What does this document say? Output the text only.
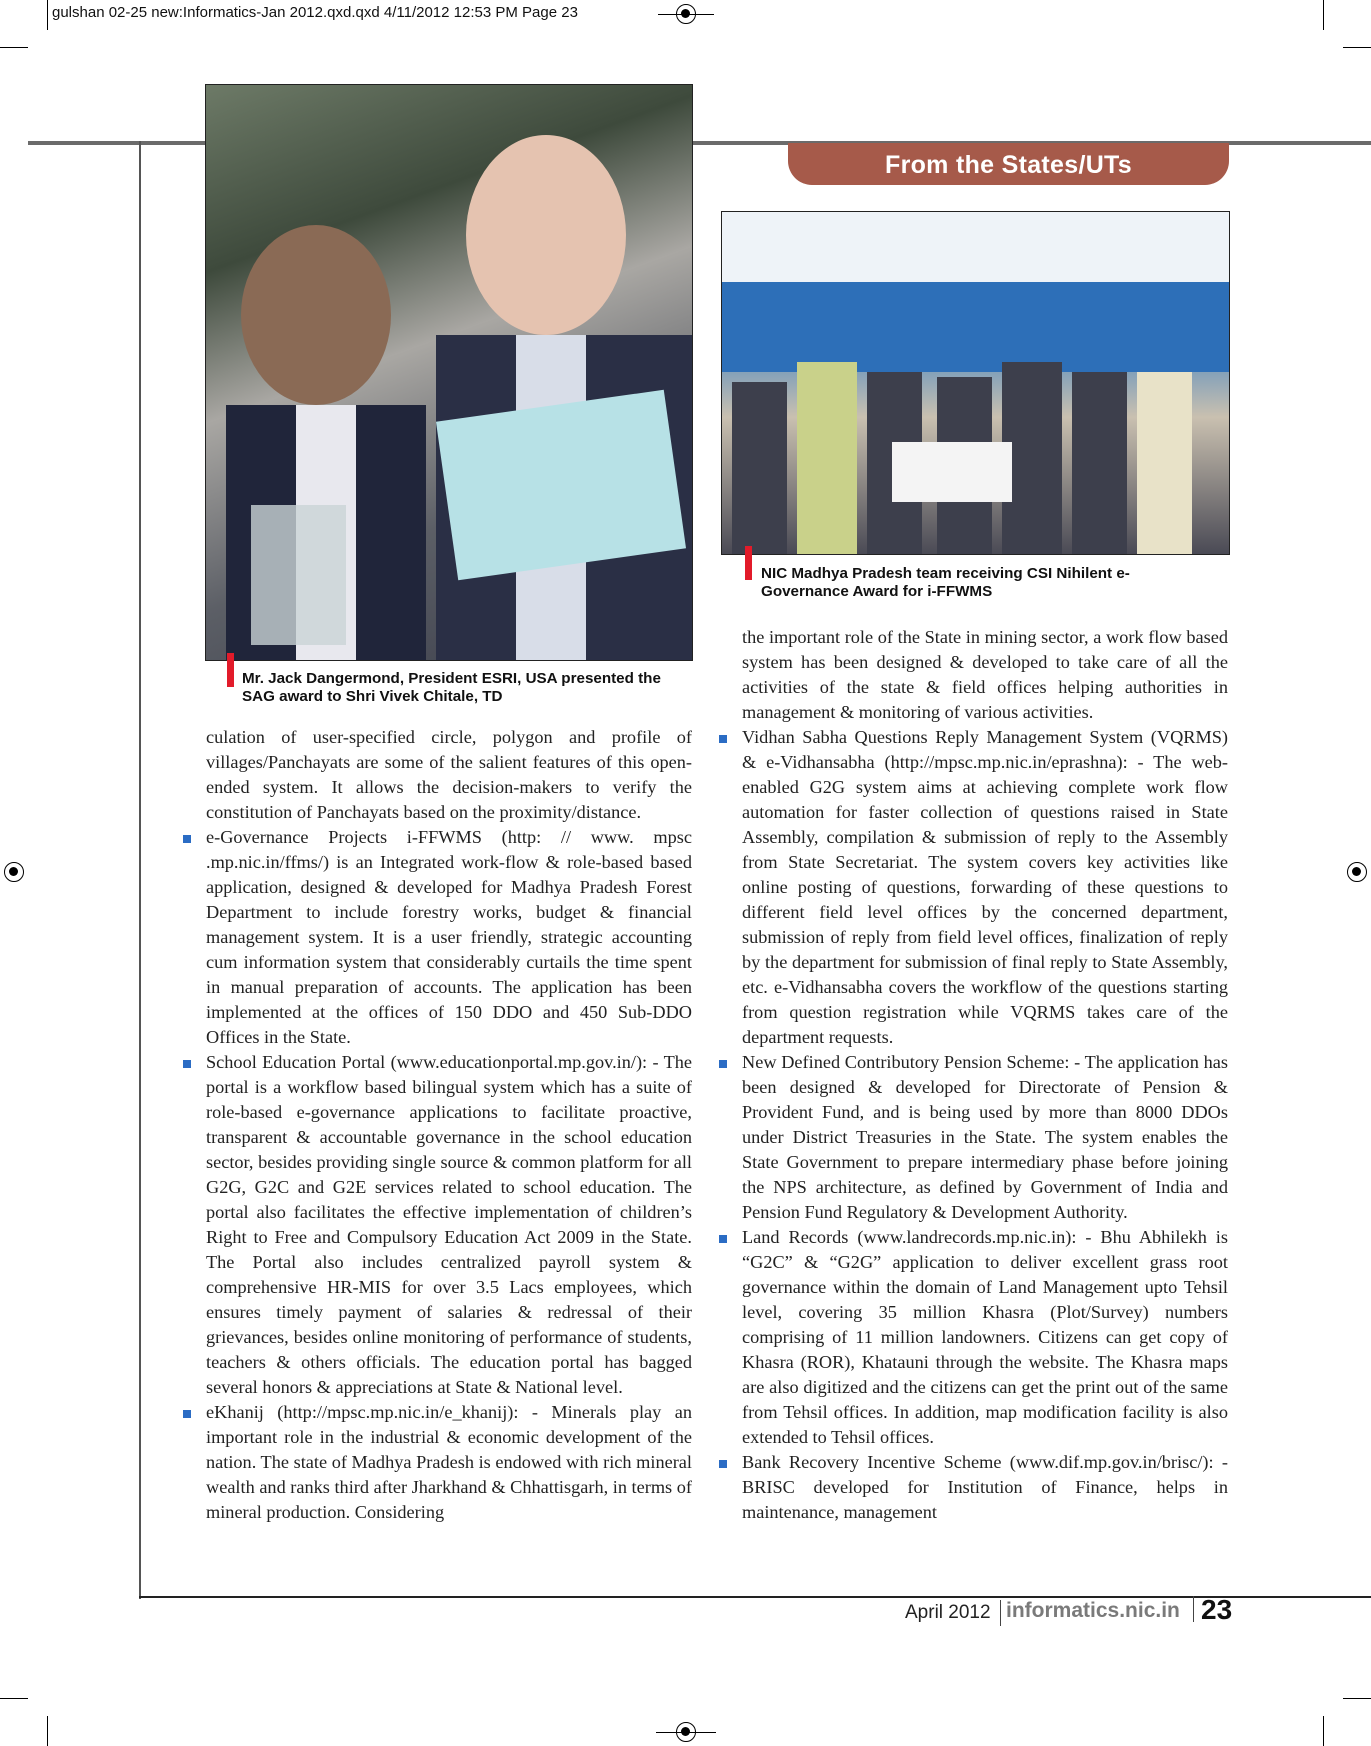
gulshan 02-25 new:Informatics-Jan 2012.qxd.qxd 4/11/2012 12:53 PM Page 23
From the States/UTs
Mr. Jack Dangermond, President ESRI, USA presented the SAG award to Shri Vivek Chitale, TD
NIC Madhya Pradesh team receiving CSI Nihilent e-Governance Award for i-FFWMS

culation of user-specified circle, polygon and profile of villages/Panchayats are some of the salient features of this open-ended system. It allows the decision-makers to verify the constitution of Panchayats based on the proximity/distance.

e-Governance Projects i-FFWMS (http: // www. mpsc .mp.nic.in/ffms/) is an Integrated work-flow & role-based based application, designed & developed for Madhya Pradesh Forest Department to include forestry works, budget & financial management system. It is a user friendly, strategic accounting cum information system that considerably curtails the time spent in manual preparation of accounts. The application has been implemented at the offices of 150 DDO and 450 Sub-DDO Offices in the State.

School Education Portal (www.educationportal.mp.gov.in/): - The portal is a workflow based bilingual system which has a suite of role-based e-governance applications to facilitate proactive, transparent & accountable governance in the school education sector, besides providing single source & common platform for all G2G, G2C and G2E services related to school education. The portal also facilitates the effective implementation of children’s Right to Free and Compulsory Education Act 2009 in the State. The Portal also includes centralized payroll system & comprehensive HR-MIS for over 3.5 Lacs employees, which ensures timely payment of salaries & redressal of their grievances, besides online monitoring of performance of students, teachers & others officials. The education portal has bagged several honors & appreciations at State & National level.

eKhanij (http://mpsc.mp.nic.in/e_khanij): - Minerals play an important role in the industrial & economic development of the nation. The state of Madhya Pradesh is endowed with rich mineral wealth and ranks third after Jharkhand & Chhattisgarh, in terms of mineral production. Considering

the important role of the State in mining sector, a work flow based system has been designed & developed to take care of all the activities of the state & field offices helping authorities in management & monitoring of various activities.

Vidhan Sabha Questions Reply Management System (VQRMS) & e-Vidhansabha (http://mpsc.mp.nic.in/eprashna): - The web-enabled G2G system aims at achieving complete work flow automation for faster collection of questions raised in State Assembly, compilation & submission of reply to the Assembly from State Secretariat. The system covers key activities like online posting of questions, forwarding of these questions to different field level offices by the concerned department, submission of reply from field level offices, finalization of reply by the department for submission of final reply to State Assembly, etc. e-Vidhansabha covers the workflow of the questions starting from question registration while VQRMS takes care of the department requests.

New Defined Contributory Pension Scheme: - The application has been designed & developed for Directorate of Pension & Provident Fund, and is being used by more than 8000 DDOs under District Treasuries in the State. The system enables the State Government to prepare intermediary phase before joining the NPS architecture, as defined by Government of India and Pension Fund Regulatory & Development Authority.

Land Records (www.landrecords.mp.nic.in): - Bhu Abhilekh is “G2C” & “G2G” application to deliver excellent grass root governance within the domain of Land Management upto Tehsil level, covering 35 million Khasra (Plot/Survey) numbers comprising of 11 million landowners. Citizens can get copy of Khasra (ROR), Khatauni through the website. The Khasra maps are also digitized and the citizens can get the print out of the same from Tehsil offices. In addition, map modification facility is also extended to Tehsil offices.

Bank Recovery Incentive Scheme (www.dif.mp.gov.in/brisc/): - BRISC developed for Institution of Finance, helps in maintenance, management

April 2012 informatics.nic.in 23
